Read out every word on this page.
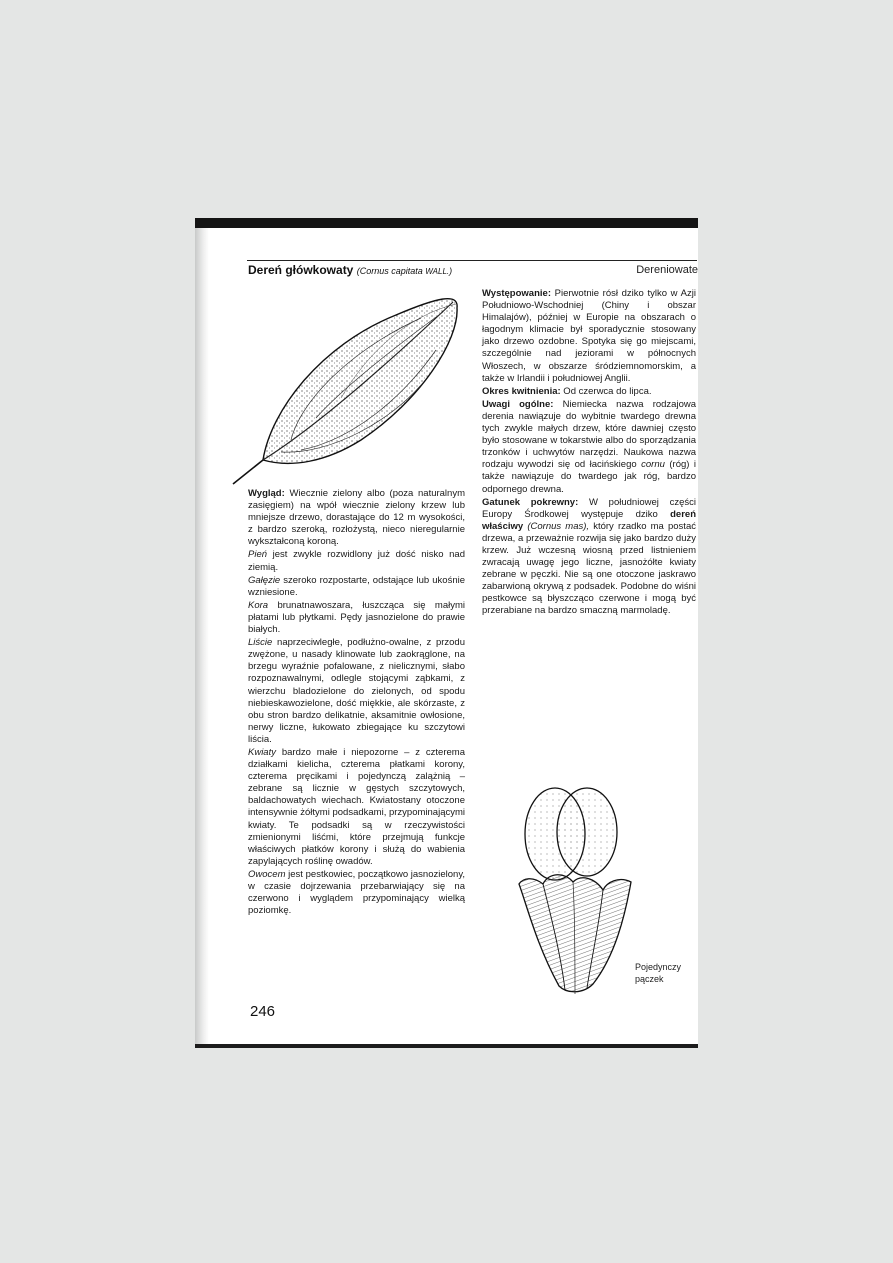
Dereń główkowaty (Cornus capitata WALL.)	Dereniowate

Wygląd: Wiecznie zielony albo (poza naturalnym zasięgiem) na wpół wiecznie zielony krzew lub mniejsze drzewo, dorastające do 12 m wysokości, z bardzo szeroką, rozłożystą, nieco nieregularnie wykształconą koroną.

Pień jest zwykle rozwidlony już dość nisko nad ziemią.

Gałęzie szeroko rozpostarte, odstające lub ukośnie wzniesione.

Kora brunatnawoszara, łuszcząca się małymi płatami lub płytkami. Pędy jasnozielone do prawie białych.

Liście naprzeciwległe, podłużno-owalne, z przodu zwężone, u nasady klinowate lub zaokrąglone, na brzegu wyraźnie pofalowane, z nielicznymi, słabo rozpoznawalnymi, odlegle stojącymi ząbkami, z wierzchu bladozielone do zielonych, od spodu niebieskawozielone, dość miękkie, ale skórzaste, z obu stron bardzo delikatnie, aksamitnie owłosione, nerwy liczne, łukowato zbiegające ku szczytowi liścia.

Kwiaty bardzo małe i niepozorne – z czterema działkami kielicha, czterema płatkami korony, czterema pręcikami i pojedynczą zalążnią – zebrane są licznie w gęstych szczytowych, baldachowatych wiechach. Kwiatostany otoczone intensywnie żółtymi podsadkami, przypominającymi kwiaty. Te podsadki są w rzeczywistości zmienionymi liśćmi, które przejmują funkcje właściwych płatków korony i służą do wabienia zapylających roślinę owadów.

Owocem jest pestkowiec, początkowo jasnozielony, w czasie dojrzewania przebarwiający się na czerwono i wyglądem przypominający wielką poziomkę.

Występowanie: Pierwotnie rósł dziko tylko w Azji Południowo-Wschodniej (Chiny i obszar Himalajów), później w Europie na obszarach o łagodnym klimacie był sporadycznie stosowany jako drzewo ozdobne. Spotyka się go miejscami, szczególnie nad jeziorami w północnych Włoszech, w obszarze śródziemnomorskim, a także w Irlandii i południowej Anglii.

Okres kwitnienia: Od czerwca do lipca.

Uwagi ogólne: Niemiecka nazwa rodzajowa derenia nawiązuje do wybitnie twardego drewna tych zwykle małych drzew, które dawniej często było stosowane w tokarstwie albo do sporządzania trzonków i uchwytów narzędzi. Naukowa nazwa rodzaju wywodzi się od łacińskiego cornu (róg) i także nawiązuje do twardego jak róg, bardzo odpornego drewna.

Gatunek pokrewny: W południowej części Europy Środkowej występuje dziko dereń właściwy (Cornus mas), który rzadko ma postać drzewa, a przeważnie rozwija się jako bardzo duży krzew. Już wczesną wiosną przed listnieniem zwracają uwagę jego liczne, jasnożółte kwiaty zebrane w pęczki. Nie są one otoczone jaskrawo zabarwioną okrywą z podsadek. Podobne do wiśni pestkowce są błyszcząco czerwone i mogą być przerabiane na bardzo smaczną marmoladę.

Pojedynczy
pączek
246
